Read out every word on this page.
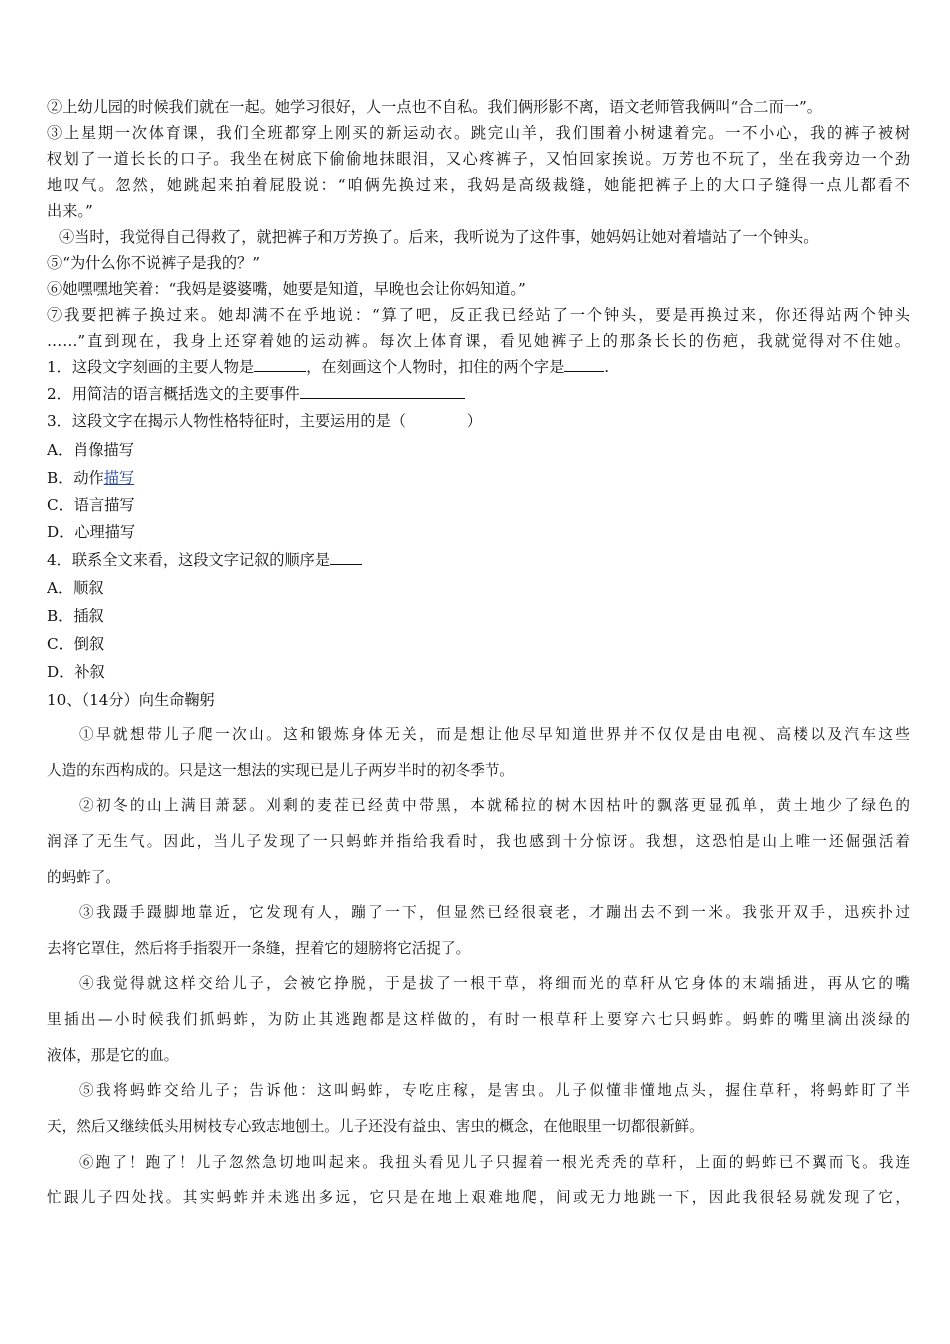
②上幼儿园的时候我们就在一起。她学习很好，人一点也不自私。我们俩形影不离，语文老师管我俩叫“合二而一”。
③上星期一次体育课，我们全班都穿上刚买的新运动衣。跳完山羊，我们围着小树逮着完。一不小心，我的裤子被树
杈划了一道长长的口子。我坐在树底下偷偷地抹眼泪，又心疼裤子，又怕回家挨说。万芳也不玩了，坐在我旁边一个劲
地叹气。忽然，她跳起来拍着屁股说：“咱俩先换过来，我妈是高级裁缝，她能把裤子上的大口子缝得一点儿都看不
出来。”
④当时，我觉得自己得救了，就把裤子和万芳换了。后来，我听说为了这件事，她妈妈让她对着墙站了一个钟头。
⑤“为什么你不说裤子是我的？”
⑥她嘿嘿地笑着：“我妈是婆婆嘴，她要是知道，早晚也会让你妈知道。”
⑦我要把裤子换过来。她却满不在乎地说：“算了吧，反正我已经站了一个钟头，要是再换过来，你还得站两个钟头
……”直到现在，我身上还穿着她的运动裤。每次上体育课，看见她裤子上的那条长长的伤疤，我就觉得对不住她。
1．这段文字刻画的主要人物是	，在刻画这个人物时，扣住的两个字是	.
2．用简洁的语言概括选文的主要事件
3．这段文字在揭示人物性格特征时，主要运用的是（　　　　）
A．肖像描写
B．动作描写
C．语言描写
D．心理描写
4．联系全文来看，这段文字记叙的顺序是
A．顺叙
B．插叙
C．倒叙
D．补叙
10、（14分）向生命鞠躬
①早就想带儿子爬一次山。这和锻炼身体无关，而是想让他尽早知道世界并不仅仅是由电视、高楼以及汽车这些
人造的东西构成的。只是这一想法的实现已是儿子两岁半时的初冬季节。
②初冬的山上满目萧瑟。刈剩的麦茬已经黄中带黑，本就稀拉的树木因枯叶的飘落更显孤单，黄土地少了绿色的
润泽了无生气。因此，当儿子发现了一只蚂蚱并指给我看时，我也感到十分惊讶。我想，这恐怕是山上唯一还倔强活着
的蚂蚱了。
③我蹑手蹑脚地靠近，它发现有人，蹦了一下，但显然已经很衰老，才蹦出去不到一米。我张开双手，迅疾扑过
去将它罩住，然后将手指裂开一条缝，捏着它的翅膀将它活捉了。
④我觉得就这样交给儿子，会被它挣脱，于是拔了一根干草，将细而光的草秆从它身体的末端插进，再从它的嘴
里插出—小时候我们抓蚂蚱，为防止其逃跑都是这样做的，有时一根草秆上要穿六七只蚂蚱。蚂蚱的嘴里滴出淡绿的
液体，那是它的血。
⑤我将蚂蚱交给儿子；告诉他：这叫蚂蚱，专吃庄稼，是害虫。儿子似懂非懂地点头，握住草秆，将蚂蚱盯了半
天，然后又继续低头用树枝专心致志地刨土。儿子还没有益虫、害虫的概念，在他眼里一切都很新鲜。
⑥跑了！跑了！儿子忽然急切地叫起来。我扭头看见儿子只握着一根光秃秃的草秆，上面的蚂蚱已不翼而飞。我连
忙跟儿子四处找。其实蚂蚱并未逃出多远，它只是在地上艰难地爬，间或无力地跳一下，因此我很轻易就发现了它，
